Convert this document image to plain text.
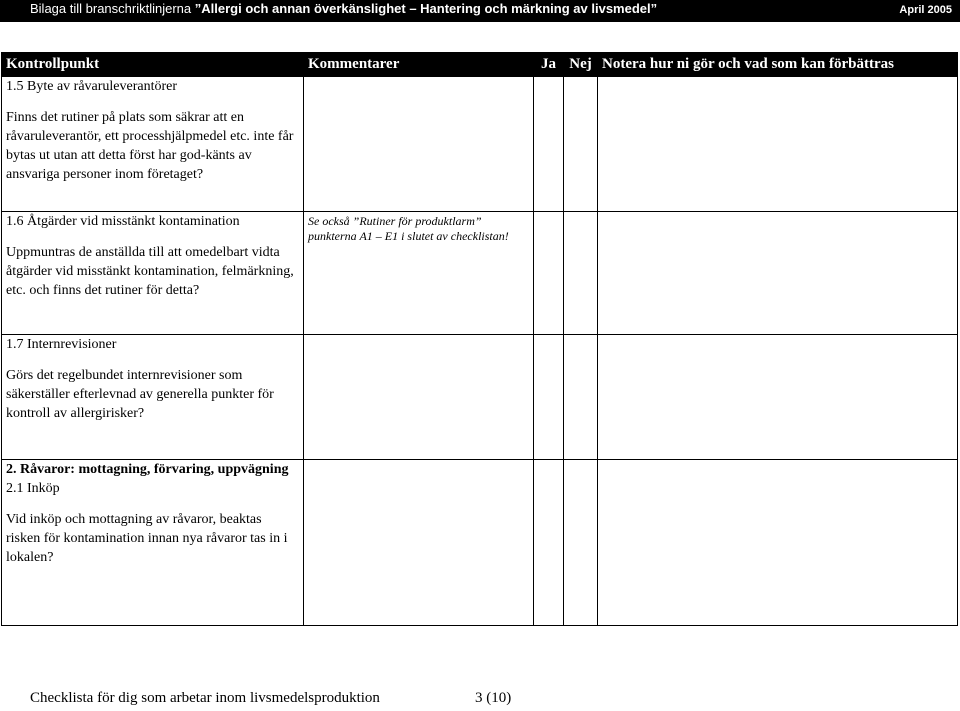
Bilaga till branschriktlinjerna ”Allergi och annan överkänslighet – Hantering och märkning av livsmedel”	April 2005
Kontrollpunkt	Kommentarer	Ja	Nej	Notera hur ni gör och vad som kan förbättras

1.5 Byte av råvaruleverantörer

Finns det rutiner på plats som säkrar att en råvaruleverantör, ett processhjälpmedel etc. inte får bytas ut utan att detta först har god-känts av ansvariga personer inom företaget?				

1.6 Åtgärder vid misstänkt kontamination

Uppmuntras de anställda till att omedelbart vidta åtgärder vid misstänkt kontamination, felmärkning, etc. och finns det rutiner för detta?	Se också ”Rutiner för produktlarm” punkterna A1 – E1 i slutet av checklistan!			

1.7 Internrevisioner

Görs det regelbundet internrevisioner som säkerställer efterlevnad av generella punkter för kontroll av allergirisker?				

2. Råvaror: mottagning, förvaring, uppvägning

2.1 Inköp

Vid inköp och mottagning av råvaror, beaktas risken för kontamination innan nya råvaror tas in i lokalen?				

Checklista för dig som arbetar inom livsmedelsproduktion	3 (10)
